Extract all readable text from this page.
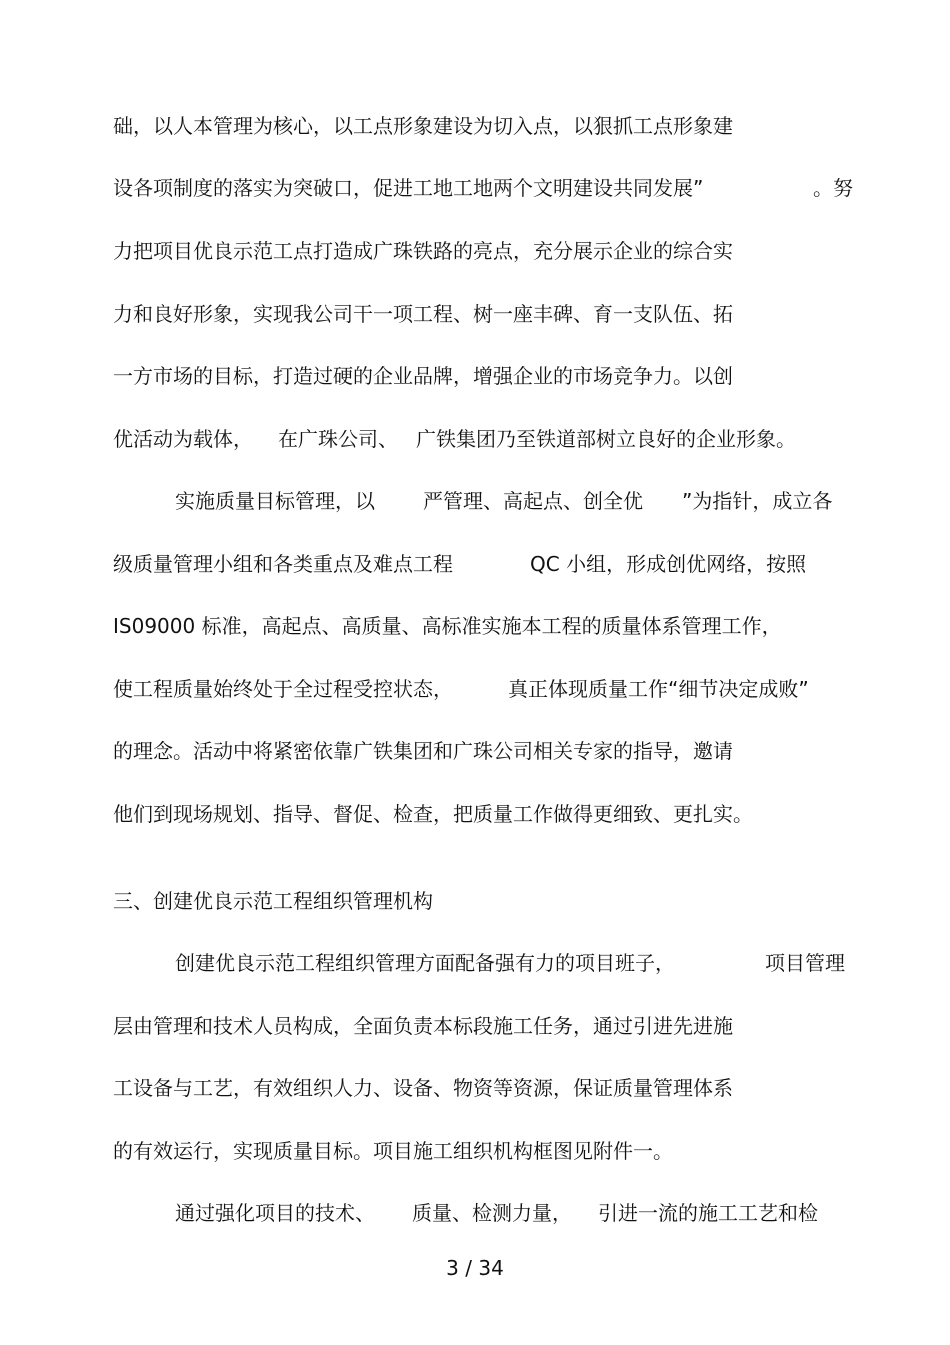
础，以人本管理为核心，以工点形象建设为切入点，以狠抓工点形象建
设各项制度的落实为突破口，促进工地工地两个文明建设共同发展”	。努
力把项目优良示范工点打造成广珠铁路的亮点，充分展示企业的综合实
力和良好形象，实现我公司干一项工程、树一座丰碑、育一支队伍、拓
一方市场的目标，打造过硬的企业品牌，增强企业的市场竞争力。以创
优活动为载体， 在广珠公司、 广铁集团乃至铁道部树立良好的企业形象。
实施质量目标管理，以 严管理、高起点、创全优 ”为指针，成立各
级质量管理小组和各类重点及难点工程	QC 小组，形成创优网络，按照
IS09000 标准，高起点、高质量、高标准实施本工程的质量体系管理工作，
使工程质量始终处于全过程受控状态，	真正体现质量工作“细节决定成败”
的理念。活动中将紧密依靠广铁集团和广珠公司相关专家的指导，邀请
他们到现场规划、指导、督促、检查，把质量工作做得更细致、更扎实。
三、创建优良示范工程组织管理机构
创建优良示范工程组织管理方面配备强有力的项目班子，	项目管理
层由管理和技术人员构成，全面负责本标段施工任务，通过引进先进施
工设备与工艺，有效组织人力、设备、物资等资源，保证质量管理体系
的有效运行，实现质量目标。项目施工组织机构框图见附件一。
通过强化项目的技术、 质量、检测力量， 引进一流的施工工艺和检
3 / 34
